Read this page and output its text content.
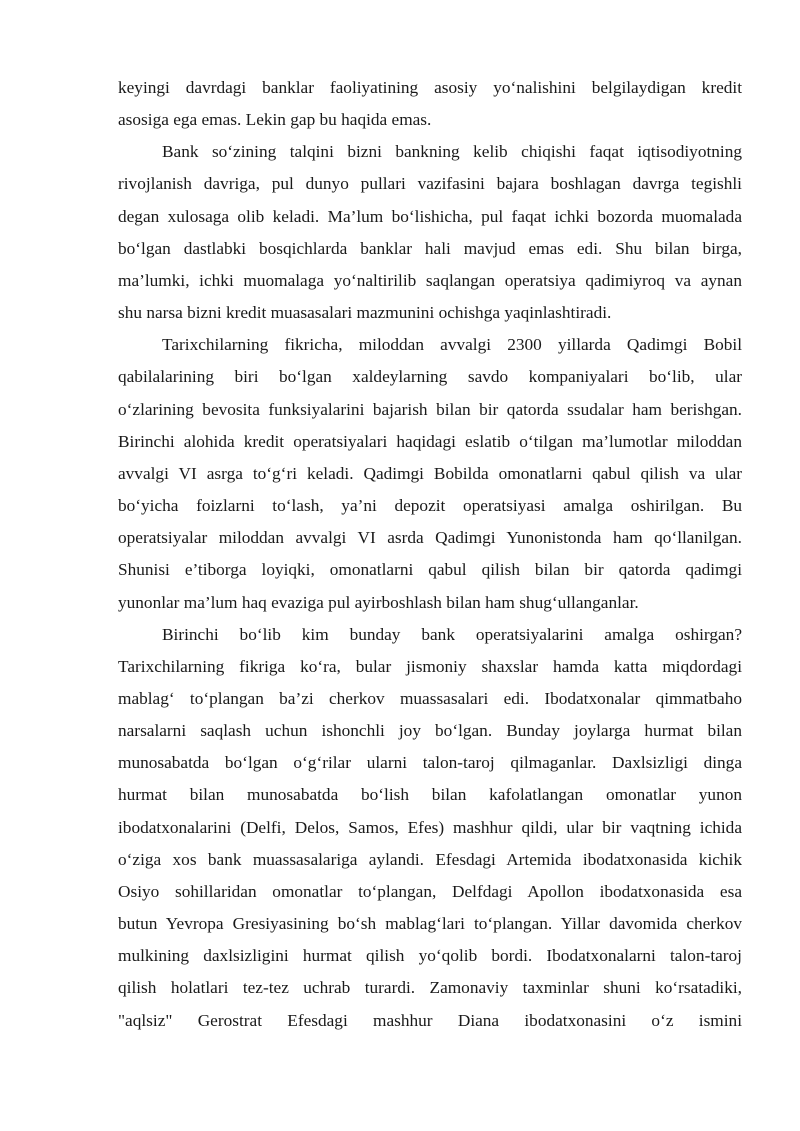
keyingi davrdagi banklar faoliyatining asosiy yo‘nalishini belgilaydigan kredit

asosiga ega emas. Lekin gap bu haqida emas.

Bank so‘zining talqini bizni bankning kelib chiqishi faqat iqtisodiyotning

rivojlanish davriga, pul dunyo pullari vazifasini bajara boshlagan davrga tegishli

degan xulosaga olib keladi. Ma’lum bo‘lishicha, pul faqat ichki bozorda muomalada

bo‘lgan dastlabki bosqichlarda banklar hali mavjud emas edi. Shu bilan birga,

ma’lumki, ichki muomalaga yo‘naltirilib saqlangan operatsiya qadimiyroq va aynan

shu narsa bizni kredit muasasalari mazmunini ochishga yaqinlashtiradi.

Tarixchilarning fikricha, miloddan avvalgi 2300 yillarda Qadimgi Bobil

qabilalarining biri bo‘lgan xaldeylarning savdo kompaniyalari bo‘lib, ular

o‘zlarining bevosita funksiyalarini bajarish bilan bir qatorda ssudalar ham berishgan.

Birinchi alohida kredit operatsiyalari haqidagi eslatib o‘tilgan ma’lumotlar miloddan

avvalgi VI asrga to‘g‘ri keladi. Qadimgi Bobilda omonatlarni qabul qilish va ular

bo‘yicha foizlarni to‘lash, ya’ni depozit operatsiyasi amalga oshirilgan. Bu

operatsiyalar miloddan avvalgi VI asrda Qadimgi Yunonistonda ham qo‘llanilgan.

Shunisi e’tiborga loyiqki, omonatlarni qabul qilish bilan bir qatorda qadimgi

yunonlar ma’lum haq evaziga pul ayirboshlash bilan ham shug‘ullanganlar.

Birinchi bo‘lib kim bunday bank operatsiyalarini amalga oshirgan?

Tarixchilarning fikriga ko‘ra, bular jismoniy shaxslar hamda katta miqdordagi

mablag‘ to‘plangan ba’zi cherkov muassasalari edi. Ibodatxonalar qimmatbaho

narsalarni saqlash uchun ishonchli joy bo‘lgan. Bunday joylarga hurmat bilan

munosabatda bo‘lgan o‘g‘rilar ularni talon-taroj qilmaganlar. Daxlsizligi dinga

hurmat bilan munosabatda bo‘lish bilan kafolatlangan omonatlar yunon

ibodatxonalarini (Delfi, Delos, Samos, Efes) mashhur qildi, ular bir vaqtning ichida

o‘ziga xos bank muassasalariga aylandi. Efesdagi Artemida ibodatxonasida kichik

Osiyo sohillaridan omonatlar to‘plangan, Delfdagi Apollon ibodatxonasida esa

butun Yevropa Gresiyasining bo‘sh mablag‘lari to‘plangan. Yillar davomida cherkov

mulkining daxlsizligini hurmat qilish yo‘qolib bordi. Ibodatxonalarni talon-taroj

qilish holatlari tez-tez uchrab turardi. Zamonaviy taxminlar shuni ko‘rsatadiki,

"aqlsiz" Gerostrat Efesdagi mashhur Diana ibodatxonasini o‘z ismini
